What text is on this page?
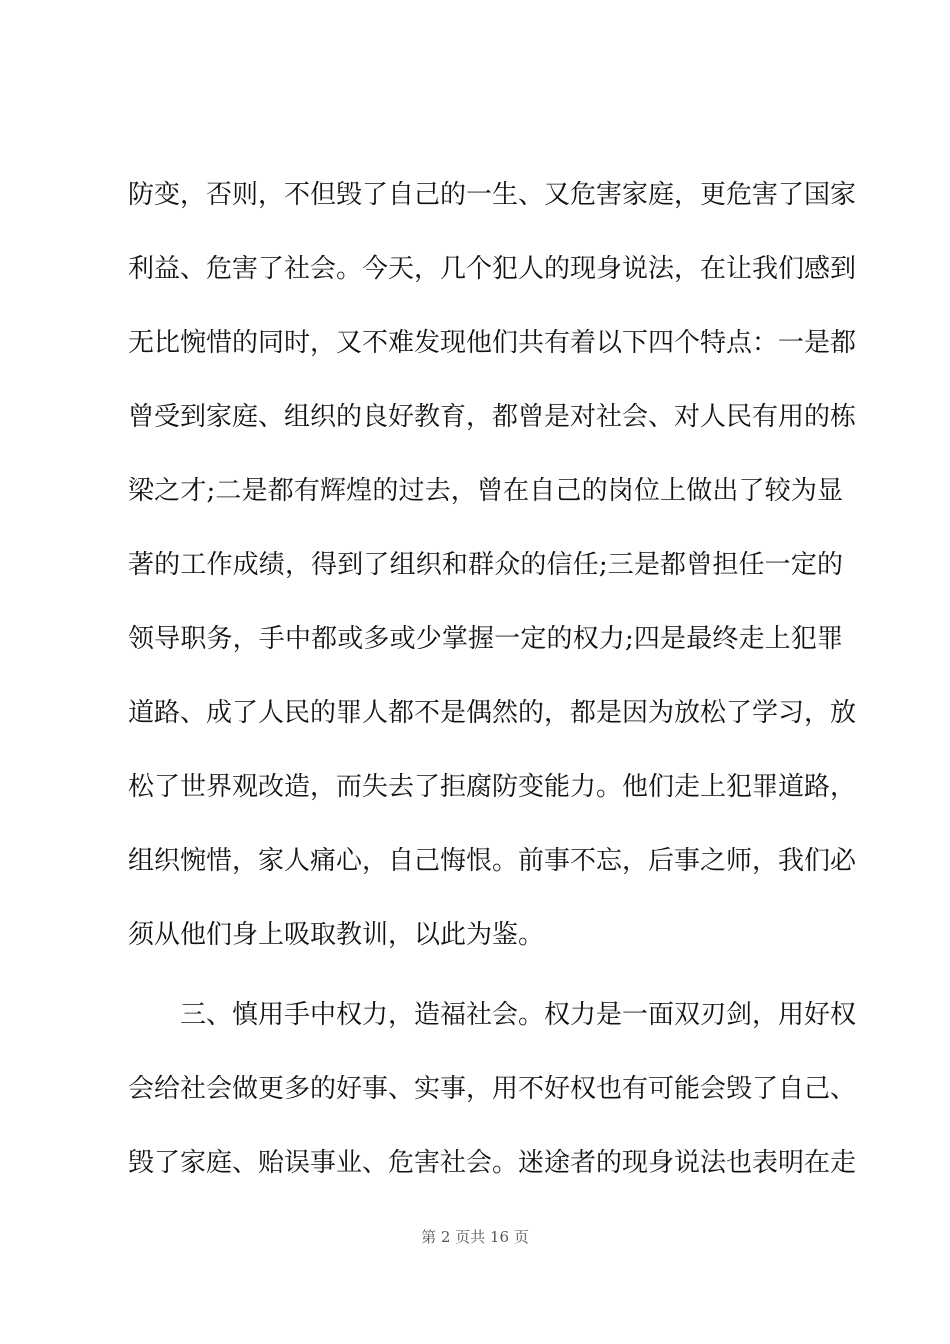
防变，否则，不但毁了自己的一生、又危害家庭，更危害了国家
利益、危害了社会。今天，几个犯人的现身说法，在让我们感到
无比惋惜的同时，又不难发现他们共有着以下四个特点：一是都
曾受到家庭、组织的良好教育，都曾是对社会、对人民有用的栋
梁之才;二是都有辉煌的过去，曾在自己的岗位上做出了较为显
著的工作成绩，得到了组织和群众的信任;三是都曾担任一定的
领导职务，手中都或多或少掌握一定的权力;四是最终走上犯罪
道路、成了人民的罪人都不是偶然的，都是因为放松了学习，放
松了世界观改造，而失去了拒腐防变能力。他们走上犯罪道路，
组织惋惜，家人痛心，自己悔恨。前事不忘，后事之师，我们必
须从他们身上吸取教训，以此为鉴。
三、慎用手中权力，造福社会。权力是一面双刃剑，用好权
会给社会做更多的好事、实事，用不好权也有可能会毁了自己、
毁了家庭、贻误事业、危害社会。迷途者的现身说法也表明在走
第 2 页共 16 页
